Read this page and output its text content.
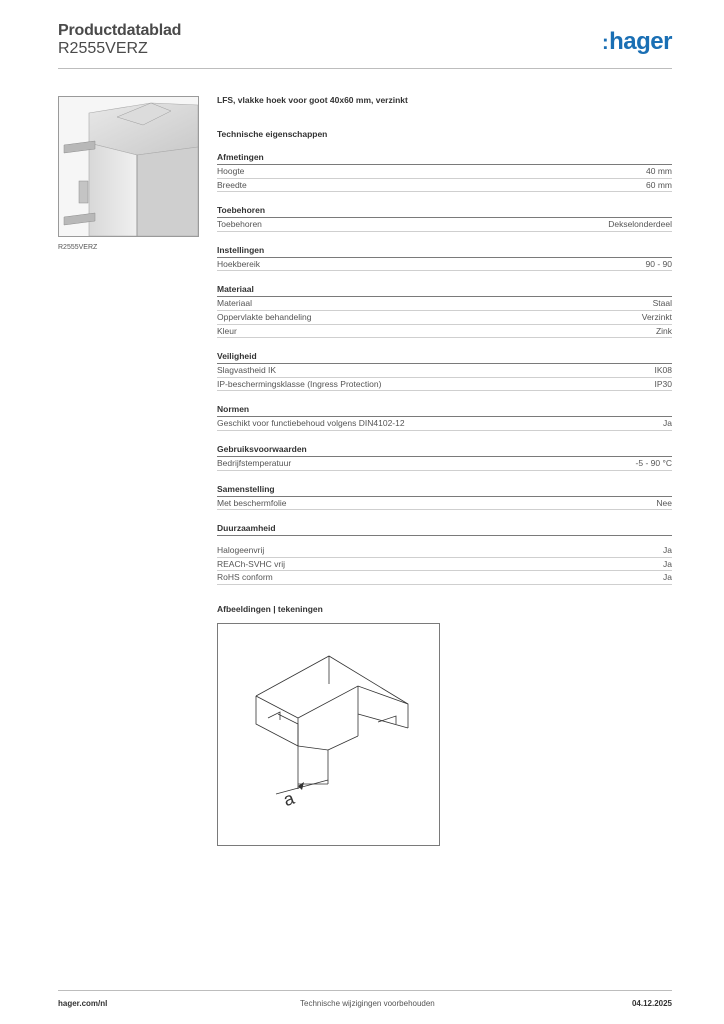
Productdatablad
R2555VERZ	:hager
R2555VERZ
LFS, vlakke hoek voor goot 40x60 mm, verzinkt
Technische eigenschappen
Afmetingen
Hoogte	40 mm
Breedte	60 mm
Toebehoren
Toebehoren	Dekselonderdeel
Instellingen
Hoekbereik	90 - 90
Materiaal
Materiaal	Staal
Oppervlakte behandeling	Verzinkt
Kleur	Zink
Veiligheid
Slagvastheid IK	IK08
IP-beschermingsklasse (Ingress Protection)	IP30
Normen
Geschikt voor functiebehoud volgens DIN4102-12	Ja
Gebruiksvoorwaarden
Bedrijfstemperatuur	-5 - 90 °C
Samenstelling
Met beschermfolie	Nee
Duurzaamheid
Halogeenvrij	Ja
REACh-SVHC vrij	Ja
RoHS conform	Ja
Afbeeldingen | tekeningen
a
hager.com/nl	Technische wijzigingen voorbehouden	04.12.2025
